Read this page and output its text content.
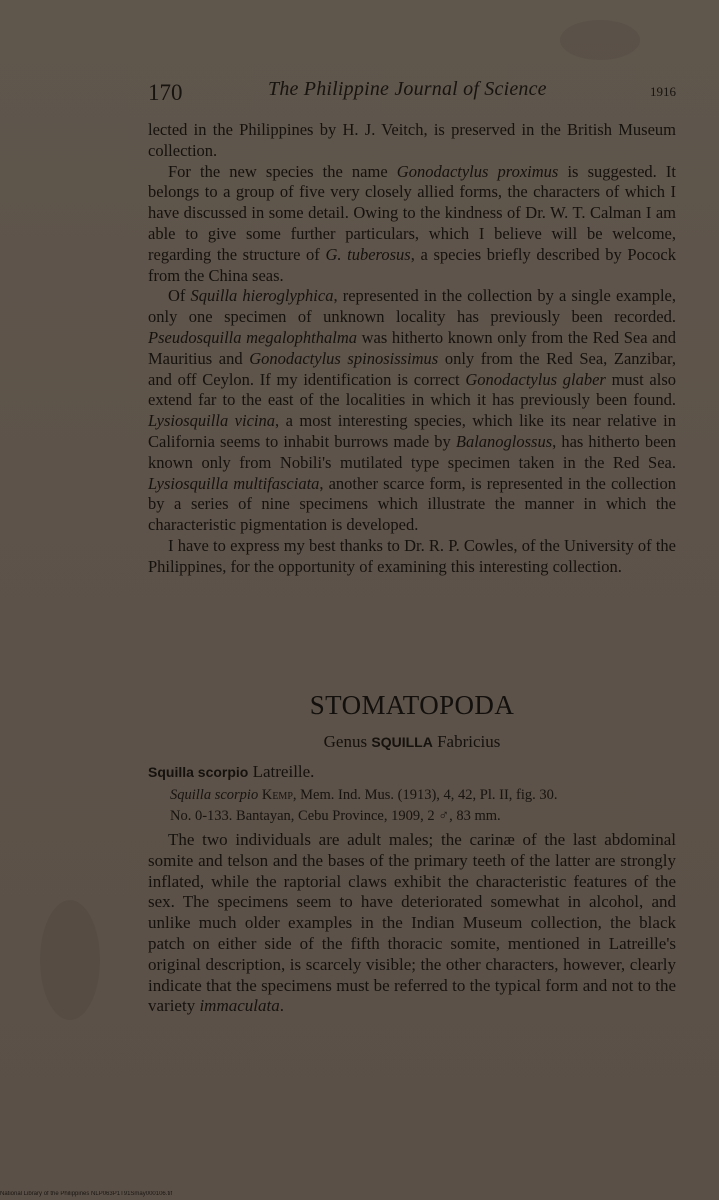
170	The Philippine Journal of Science	1916

lected in the Philippines by H. J. Veitch, is preserved in the British Museum collection.

For the new species the name Gonodactylus proximus is suggested. It belongs to a group of five very closely allied forms, the characters of which I have discussed in some detail. Owing to the kindness of Dr. W. T. Calman I am able to give some further particulars, which I believe will be welcome, regarding the structure of G. tuberosus, a species briefly described by Pocock from the China seas.

Of Squilla hieroglyphica, represented in the collection by a single example, only one specimen of unknown locality has previously been recorded. Pseudosquilla megalophthalma was hitherto known only from the Red Sea and Mauritius and Gonodactylus spinosissimus only from the Red Sea, Zanzibar, and off Ceylon. If my identification is correct Gonodactylus glaber must also extend far to the east of the localities in which it has previously been found. Lysiosquilla vicina, a most interesting species, which like its near relative in California seems to inhabit burrows made by Balanoglossus, has hitherto been known only from Nobili's mutilated type specimen taken in the Red Sea. Lysiosquilla multifasciata, another scarce form, is represented in the collection by a series of nine specimens which illustrate the manner in which the characteristic pigmentation is developed.

I have to express my best thanks to Dr. R. P. Cowles, of the University of the Philippines, for the opportunity of examining this interesting collection.

STOMATOPODA
Genus SQUILLA Fabricius
Squilla scorpio Latreille.
Squilla scorpio Kemp, Mem. Ind. Mus. (1913), 4, 42, Pl. II, fig. 30.
No. 0-133. Bantayan, Cebu Province, 1909, 2 ♂, 83 mm.

The two individuals are adult males; the carinæ of the last abdominal somite and telson and the bases of the primary teeth of the latter are strongly inflated, while the raptorial claws exhibit the characteristic features of the sex. The specimens seem to have deteriorated somewhat in alcohol, and unlike much older examples in the Indian Museum collection, the black patch on either side of the fifth thoracic somite, mentioned in Latreille's original description, is scarcely visible; the other characters, however, clearly indicate that the specimens must be referred to the typical form and not to the variety immaculata.

National Library of the Philippines NLP063P1T91Smay000106.tif
